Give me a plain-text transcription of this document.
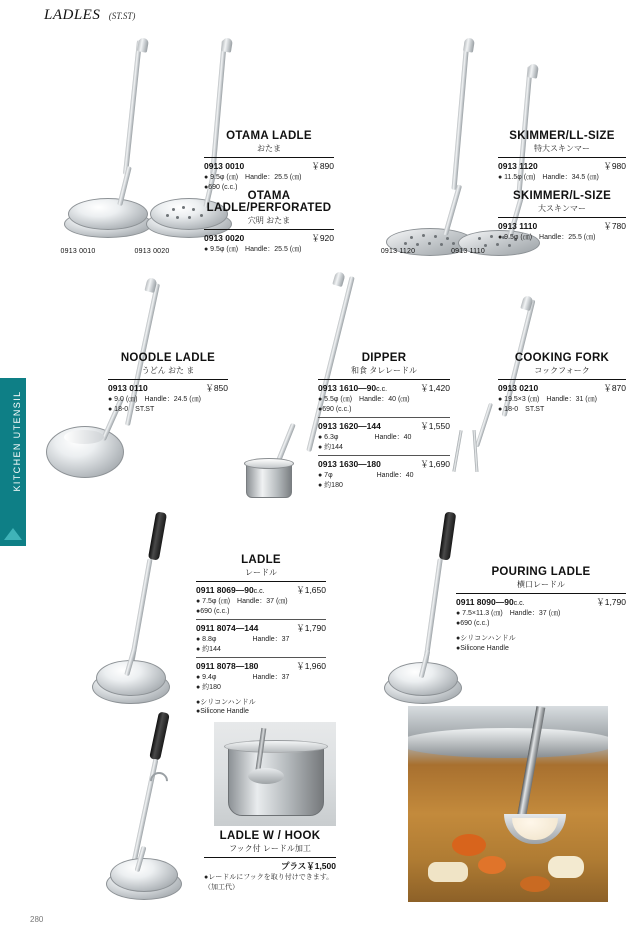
LADLES (ST.ST)
KITCHEN UTENSIL
0913 0010	0913 0020
OTAMA LADLE
おたま
0913 0010	￥890
● 9.5φ (㎝)　Handle：25.5 (㎝)
●690 (c.c.)
OTAMA LADLE/PERFORATED
穴明 おたま
0913 0020	￥920
● 9.5φ (㎝)　Handle：25.5 (㎝)	0913 1120	0913 1110
SKIMMER/LL-SIZE
特大スキンマー
0913 1120	￥980
● 11.5φ (㎝)　Handle：34.5 (㎝)
SKIMMER/L-SIZE
大スキンマー
0913 1110	￥780
● 9.5φ (㎝)　Handle：25.5 (㎝)
NOODLE LADLE
うどん おた ま
0913 0110	￥850
● 9.0 (㎝)　Handle：24.5 (㎝)
● 18-0　ST.ST
DIPPER
和食 タレレードル
0913 1610—90c.c.	￥1,420
● 5.5φ (㎝)　Handle：40 (㎝)
●690 (c.c.)
0913 1620—144	￥1,550
● 6.3φ	Handle：40
● 約144
0913 1630—180	￥1,690
● 7φ	Handle：40
● 約180
COOKING FORK
コックフォーク
0913 0210	￥870
● 19.5×3 (㎝)　Handle：31 (㎝)
● 18-0　ST.ST
LADLE
レードル
0911 8069—90c.c.	￥1,650
● 7.5φ (㎝)　Handle：37 (㎝)
●690 (c.c.)
0911 8074—144	￥1,790
● 8.8φ	Handle：37
● 約144
0911 8078—180	￥1,960
● 9.4φ	Handle：37
● 約180
●シリコンハンドル
●Silicone Handle
POURING LADLE
横口レードル
0911 8090—90c.c.	￥1,790
● 7.5×11.3 (㎝)　Handle：37 (㎝)
●690 (c.c.)
●シリコンハンドル
●Silicone Handle
LADLE W / HOOK
フック付 レードル加工
プラス￥1,500
●レードルにフックを取り付けできます。
（加工代）
280
